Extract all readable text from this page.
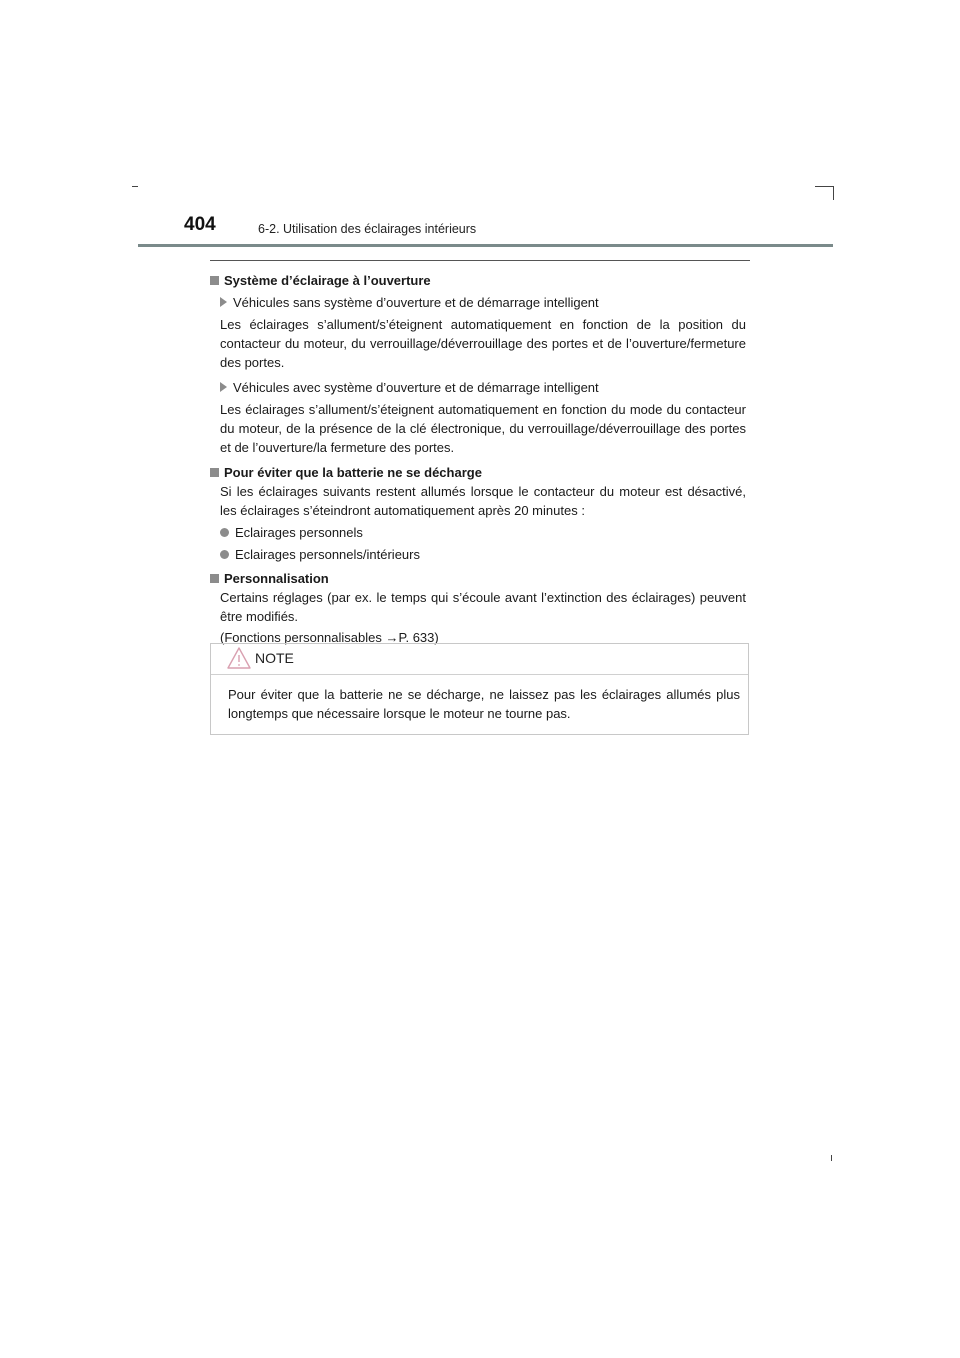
404	6-2. Utilisation des éclairages intérieurs
Système d’éclairage à l’ouverture
Véhicules sans système d’ouverture et de démarrage intelligent
Les éclairages s’allument/s’éteignent automatiquement en fonction de la position du contacteur du moteur, du verrouillage/déverrouillage des portes et de l’ouverture/fermeture des portes.
Véhicules avec système d’ouverture et de démarrage intelligent
Les éclairages s’allument/s’éteignent automatiquement en fonction du mode du contacteur du moteur, de la présence de la clé électronique, du verrouillage/déverrouillage des portes et de l’ouverture/la fermeture des portes.
Pour éviter que la batterie ne se décharge
Si les éclairages suivants restent allumés lorsque le contacteur du moteur est désactivé, les éclairages s’éteindront automatiquement après 20 minutes :
Eclairages personnels
Eclairages personnels/intérieurs
Personnalisation
Certains réglages (par ex. le temps qui s’écoule avant l’extinction des éclairages) peuvent être modifiés.
(Fonctions personnalisables →P. 633)
NOTE
Pour éviter que la batterie ne se décharge, ne laissez pas les éclairages allumés plus longtemps que nécessaire lorsque le moteur ne tourne pas.
